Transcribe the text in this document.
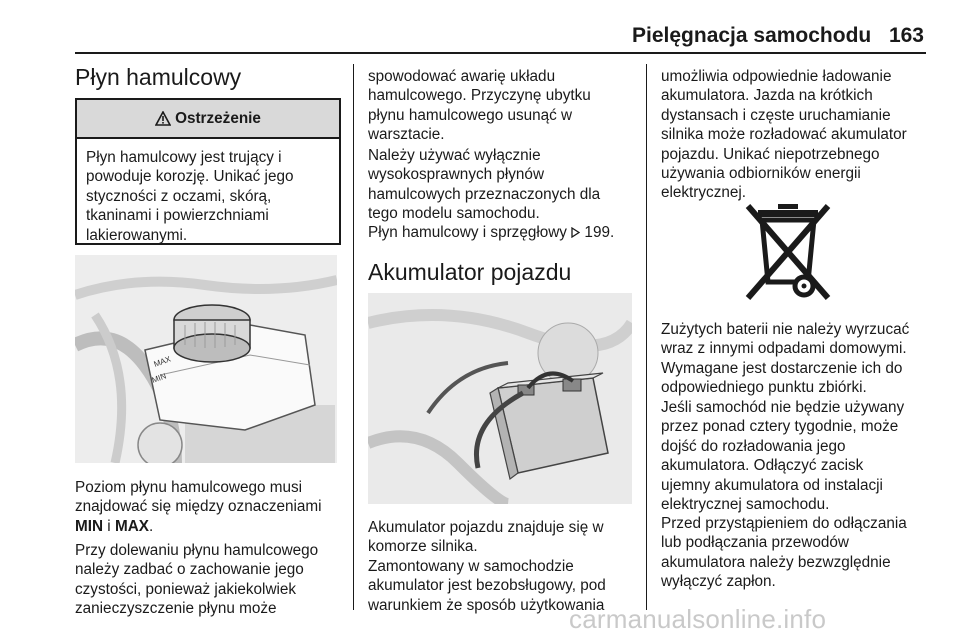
Pielęgnacja samochodu 163
Płyn hamulcowy
Ostrzeżenie
Płyn hamulcowy jest trujący i
powoduje korozję. Unikać jego
styczności z oczami, skórą,
tkaninami i powierzchniami
lakierowanymi.
MAX
MIN

Poziom płynu hamulcowego musi
znajdować się między oznaczeniami
MIN i MAX.

Przy dolewaniu płynu hamulcowego
należy zadbać o zachowanie jego
czystości, ponieważ jakiekolwiek
zanieczyszczenie płynu może

spowodować awarię układu
hamulcowego. Przyczynę ubytku
płynu hamulcowego usunąć w
warsztacie.

Należy używać wyłącznie
wysokosprawnych płynów
hamulcowych przeznaczonych dla
tego modelu samochodu.

Płyn hamulcowy i sprzęgłowy  199.

Akumulator pojazdu

Akumulator pojazdu znajduje się w
komorze silnika.

Zamontowany w samochodzie
akumulator jest bezobsługowy, pod
warunkiem że sposób użytkowania

umożliwia odpowiednie ładowanie
akumulatora. Jazda na krótkich
dystansach i częste uruchamianie
silnika może rozładować akumulator
pojazdu. Unikać niepotrzebnego
używania odbiorników energii
elektrycznej.

Zużytych baterii nie należy wyrzucać
wraz z innymi odpadami domowymi.
Wymagane jest dostarczenie ich do
odpowiedniego punktu zbiórki.

Jeśli samochód nie będzie używany
przez ponad cztery tygodnie, może
dojść do rozładowania jego
akumulatora. Odłączyć zacisk
ujemny akumulatora od instalacji
elektrycznej samochodu.

Przed przystąpieniem do odłączania
lub podłączania przewodów
akumulatora należy bezwzględnie
wyłączyć zapłon.

carmanualsonline.info
